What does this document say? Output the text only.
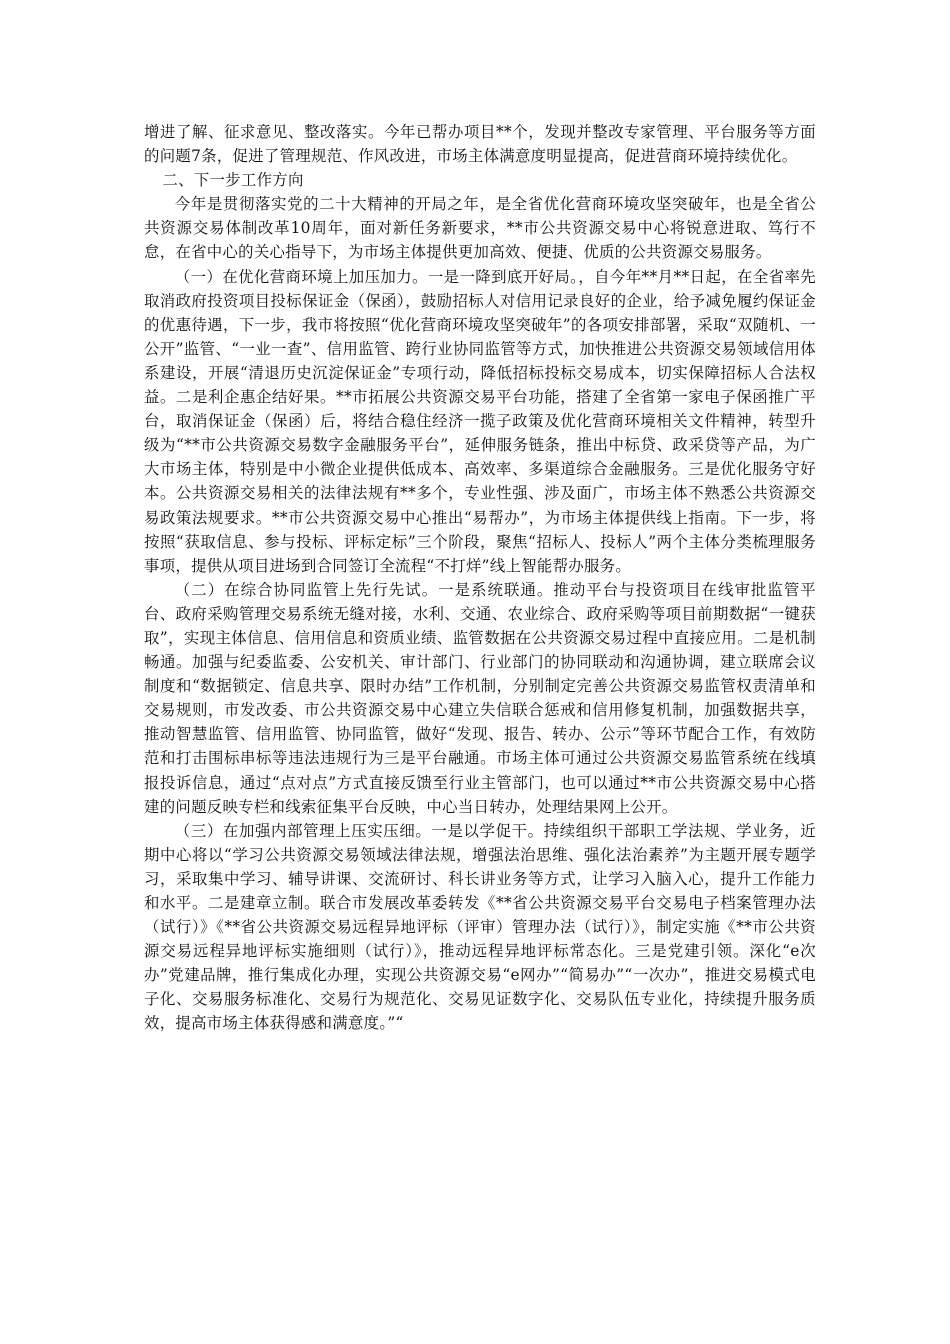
增进了解、征求意见、整改落实。今年已帮办项目**个，发现并整改专家管理、平台服务等方面的问题7条，促进了管理规范、作风改进，市场主体满意度明显提高，促进营商环境持续优化。

二、下一步工作方向

今年是贯彻落实党的二十大精神的开局之年，是全省优化营商环境攻坚突破年，也是全省公共资源交易体制改革10周年，面对新任务新要求，**市公共资源交易中心将锐意进取、笃行不怠，在省中心的关心指导下，为市场主体提供更加高效、便捷、优质的公共资源交易服务。

（一）在优化营商环境上加压加力。一是一降到底开好局。，自今年**月**日起，在全省率先取消政府投资项目投标保证金（保函），鼓励招标人对信用记录良好的企业，给予减免履约保证金的优惠待遇，下一步，我市将按照“优化营商环境攻坚突破年”的各项安排部署，采取“双随机、一公开”监管、“一业一查”、信用监管、跨行业协同监管等方式，加快推进公共资源交易领域信用体系建设，开展“清退历史沉淀保证金”专项行动，降低招标投标交易成本，切实保障招标人合法权益。二是利企惠企结好果。**市拓展公共资源交易平台功能，搭建了全省第一家电子保函推广平台，取消保证金（保函）后，将结合稳住经济一揽子政策及优化营商环境相关文件精神，转型升级为“**市公共资源交易数字金融服务平台”，延伸服务链条，推出中标贷、政采贷等产品，为广大市场主体，特别是中小微企业提供低成本、高效率、多渠道综合金融服务。三是优化服务守好本。公共资源交易相关的法律法规有**多个，专业性强、涉及面广，市场主体不熟悉公共资源交易政策法规要求。**市公共资源交易中心推出“易帮办”，为市场主体提供线上指南。下一步，将按照“获取信息、参与投标、评标定标”三个阶段，聚焦“招标人、投标人”两个主体分类梳理服务事项，提供从项目进场到合同签订全流程“不打烊”线上智能帮办服务。

（二）在综合协同监管上先行先试。一是系统联通。推动平台与投资项目在线审批监管平台、政府采购管理交易系统无缝对接，水利、交通、农业综合、政府采购等项目前期数据“一键获取”，实现主体信息、信用信息和资质业绩、监管数据在公共资源交易过程中直接应用。二是机制畅通。加强与纪委监委、公安机关、审计部门、行业部门的协同联动和沟通协调，建立联席会议制度和“数据锁定、信息共享、限时办结”工作机制，分别制定完善公共资源交易监管权责清单和交易规则，市发改委、市公共资源交易中心建立失信联合惩戒和信用修复机制，加强数据共享，推动智慧监管、信用监管、协同监管，做好“发现、报告、转办、公示”等环节配合工作，有效防范和打击围标串标等违法违规行为三是平台融通。市场主体可通过公共资源交易监管系统在线填报投诉信息，通过“点对点”方式直接反馈至行业主管部门，也可以通过**市公共资源交易中心搭建的问题反映专栏和线索征集平台反映，中心当日转办，处理结果网上公开。

（三）在加强内部管理上压实压细。一是以学促干。持续组织干部职工学法规、学业务，近期中心将以“学习公共资源交易领域法律法规，增强法治思维、强化法治素养”为主题开展专题学习，采取集中学习、辅导讲课、交流研讨、科长讲业务等方式，让学习入脑入心，提升工作能力和水平。二是建章立制。联合市发展改革委转发《**省公共资源交易平台交易电子档案管理办法（试行）》《**省公共资源交易远程异地评标（评审）管理办法（试行）》，制定实施《**市公共资源交易远程异地评标实施细则（试行）》，推动远程异地评标常态化。三是党建引领。深化“e次办”党建品牌，推行集成化办理，实现公共资源交易“e网办”“简易办”“一次办”，推进交易模式电子化、交易服务标准化、交易行为规范化、交易见证数字化、交易队伍专业化，持续提升服务质效，提高市场主体获得感和满意度。”“
